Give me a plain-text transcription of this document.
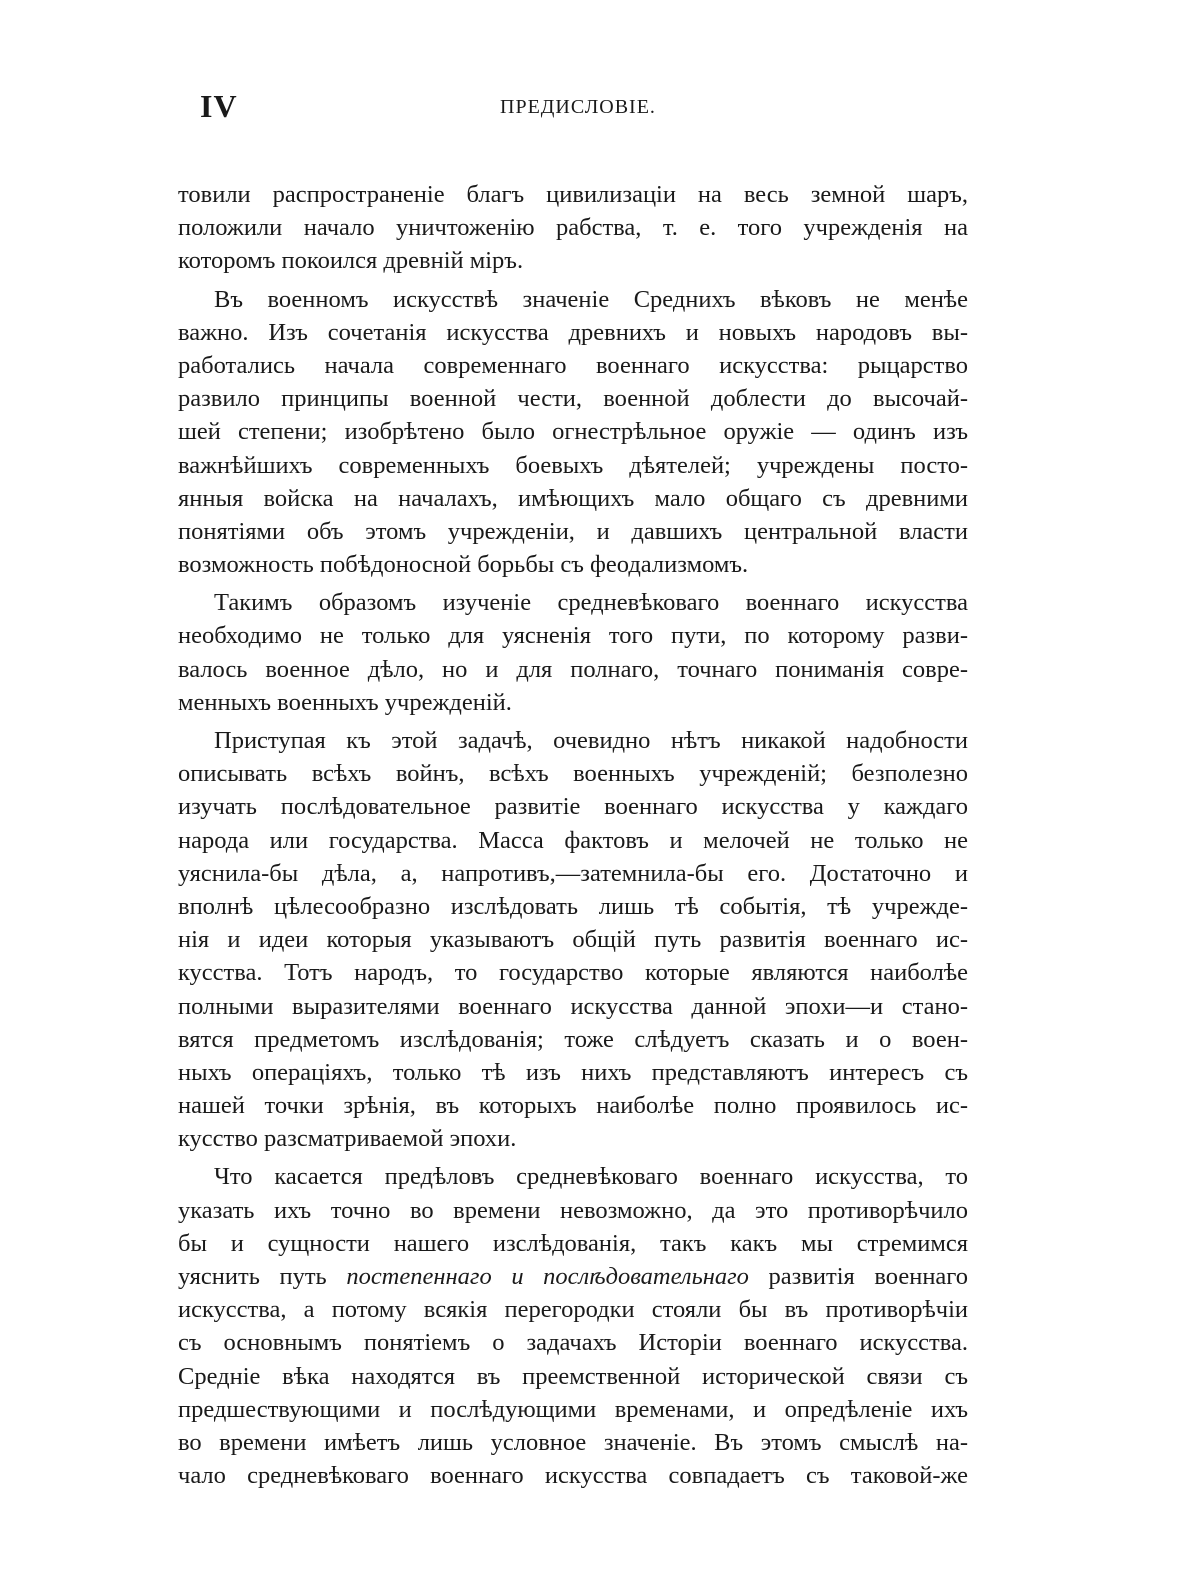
IV	ПРЕДИСЛОВІЕ.

товили распространеніе благъ цивилизаціи на весь земной шаръ,
положили начало уничтоженію рабства, т. е. того учрежденія на
которомъ покоился древній міръ.

Въ военномъ искусствѣ значеніе Среднихъ вѣковъ не менѣе
важно. Изъ сочетанія искусства древнихъ и новыхъ народовъ вы-
работались начала современнаго военнаго искусства: рыцарство
развило принципы военной чести, военной доблести до высочай-
шей степени; изобрѣтено было огнестрѣльное оружіе — одинъ изъ
важнѣйшихъ современныхъ боевыхъ дѣятелей; учреждены посто-
янныя войска на началахъ, имѣющихъ мало общаго съ древними
понятіями объ этомъ учрежденіи, и давшихъ центральной власти
возможность побѣдоносной борьбы съ феодализмомъ.

Такимъ образомъ изученіе средневѣковаго военнаго искусства
необходимо не только для уясненія того пути, по которому разви-
валось военное дѣло, но и для полнаго, точнаго пониманія совре-
менныхъ военныхъ учрежденій.

Приступая къ этой задачѣ, очевидно нѣтъ никакой надобности
описывать всѣхъ войнъ, всѣхъ военныхъ учрежденій; безполезно
изучать послѣдовательное развитіе военнаго искусства у каждаго
народа или государства. Масса фактовъ и мелочей не только не
уяснила-бы дѣла, а, напротивъ,—затемнила-бы его. Достаточно и
вполнѣ цѣлесообразно изслѣдовать лишь тѣ событія, тѣ учрежде-
нія и идеи которыя указываютъ общій путь развитія военнаго ис-
кусства. Тотъ народъ, то государство которые являются наиболѣе
полными выразителями военнаго искусства данной эпохи—и стано-
вятся предметомъ изслѣдованія; тоже слѣдуетъ сказать и о воен-
ныхъ операціяхъ, только тѣ изъ нихъ представляютъ интересъ съ
нашей точки зрѣнія, въ которыхъ наиболѣе полно проявилось ис-
кусство разсматриваемой эпохи.

Что касается предѣловъ средневѣковаго военнаго искусства, то
указать ихъ точно во времени невозможно, да это противорѣчило
бы и сущности нашего изслѣдованія, такъ какъ мы стремимся
уяснить путь постепеннаго и послѣдовательнаго развитія военнаго
искусства, а потому всякія перегородки стояли бы въ противорѣчіи
съ основнымъ понятіемъ о задачахъ Исторіи военнаго искусства.
Средніе вѣка находятся въ преемственной исторической связи съ
предшествующими и послѣдующими временами, и опредѣленіе ихъ
во времени имѣетъ лишь условное значеніе. Въ этомъ смыслѣ на-
чало средневѣковаго военнаго искусства совпадаетъ съ таковой-же
